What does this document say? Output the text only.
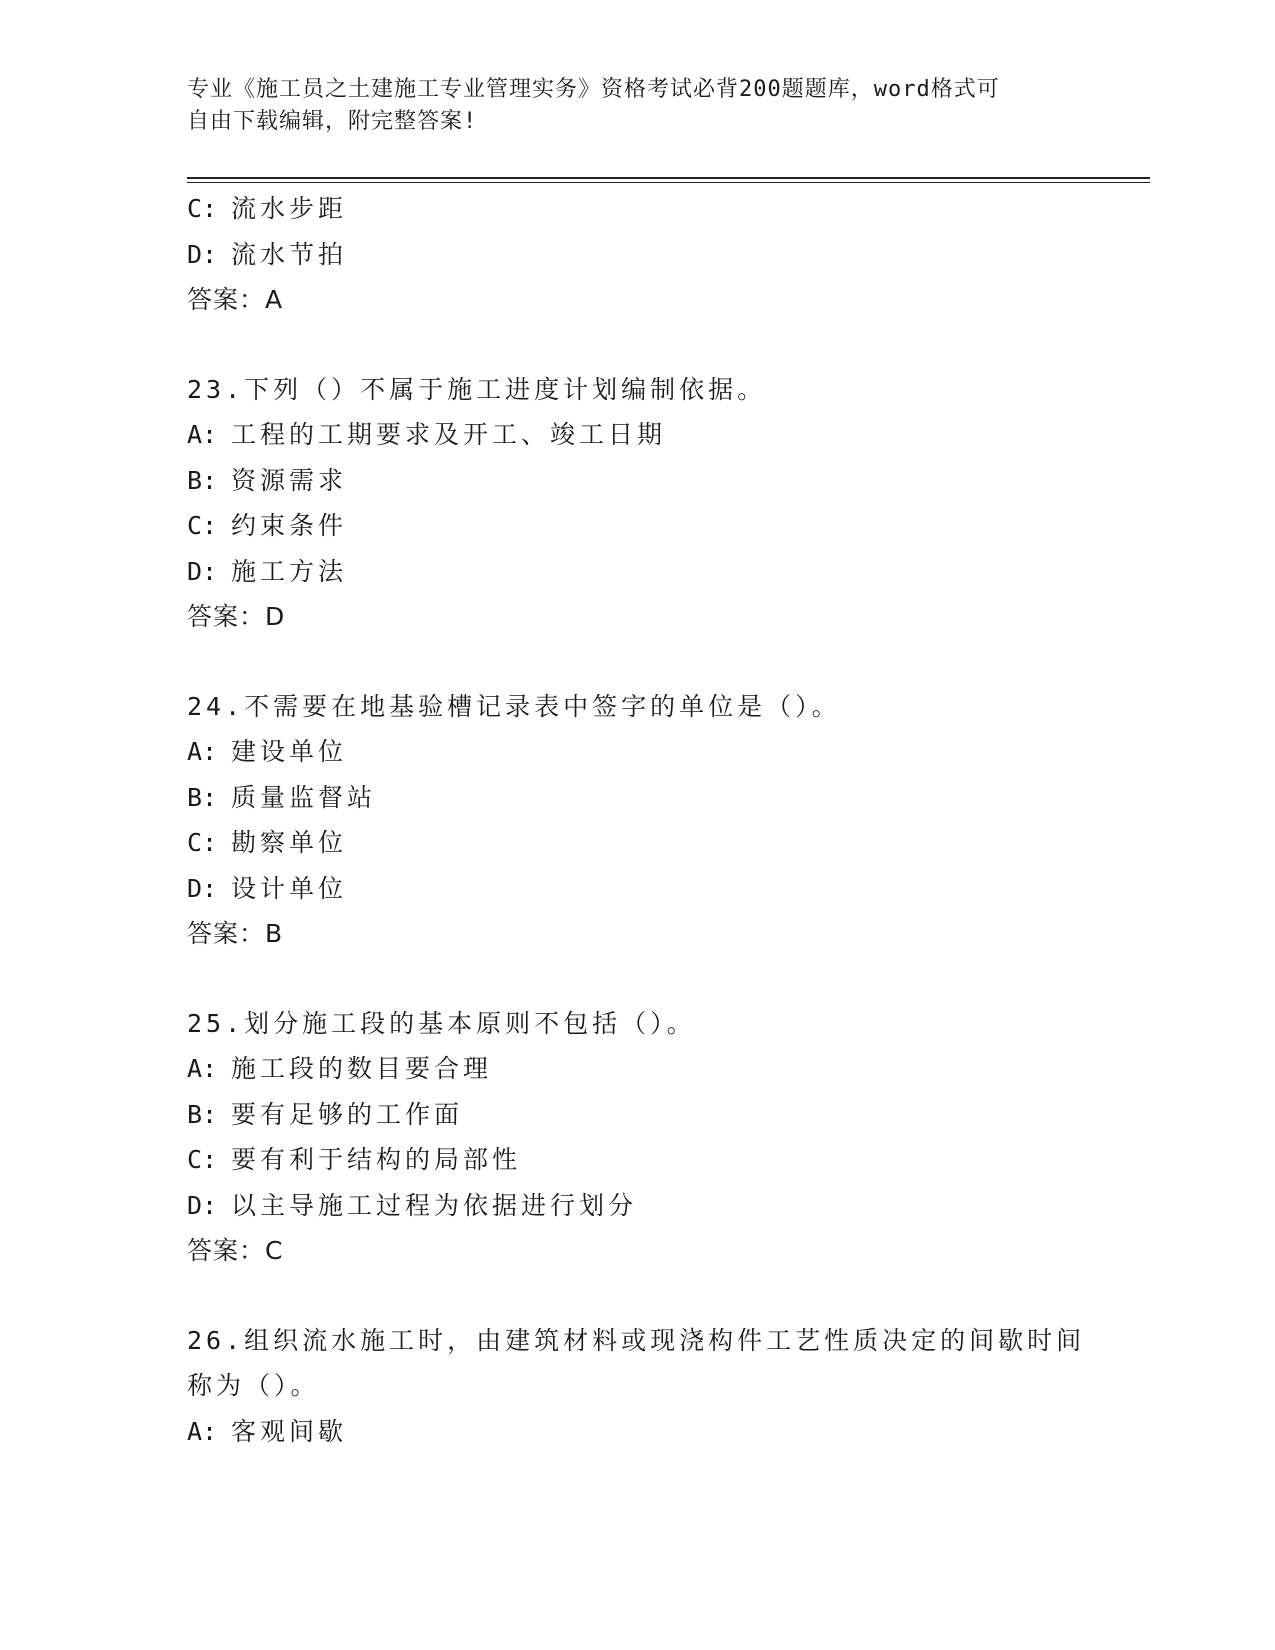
专业《施工员之土建施工专业管理实务》资格考试必背200题题库，word格式可
自由下载编辑，附完整答案!
C: 流水步距
D: 流水节拍
答案：A
23.下列（）不属于施工进度计划编制依据。
A: 工程的工期要求及开工、竣工日期
B: 资源需求
C: 约束条件
D: 施工方法
答案：D
24.不需要在地基验槽记录表中签字的单位是（）。
A: 建设单位
B: 质量监督站
C: 勘察单位
D: 设计单位
答案：B
25.划分施工段的基本原则不包括（）。
A: 施工段的数目要合理
B: 要有足够的工作面
C: 要有利于结构的局部性
D: 以主导施工过程为依据进行划分
答案：C
26.组织流水施工时，由建筑材料或现浇构件工艺性质决定的间歇时间
称为（）。
A: 客观间歇
